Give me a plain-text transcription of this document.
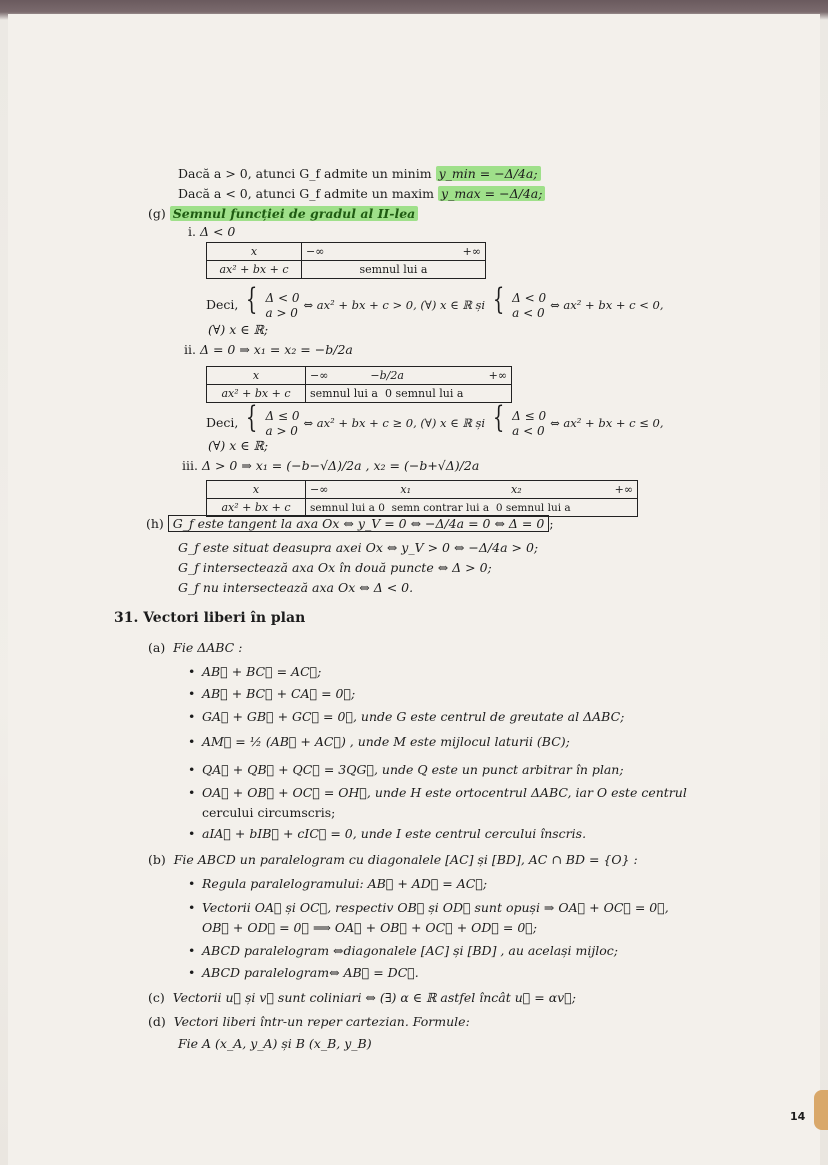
Dacă a > 0, atunci G_f admite un minim y_min = −Δ/4a;
Dacă a < 0, atunci G_f admite un maxim y_max = −Δ/4a;
(g) Semnul funcției de gradul al II-lea
i. Δ < 0
x	−∞ +∞

ax² + bx + c	semnul lui a
Deci, { Δ < 0
a > 0 ⇔ ax² + bx + c > 0, (∀) x ∈ ℝ și { Δ < 0
a < 0 ⇔ ax² + bx + c < 0,
(∀) x ∈ ℝ;
ii. Δ = 0 ⇒ x₁ = x₂ = −b/2a
x	−∞ −b/2a +∞

ax² + bx + c	semnul lui a 0 semnul lui a
Deci, { Δ ≤ 0
a > 0 ⇔ ax² + bx + c ≥ 0, (∀) x ∈ ℝ și { Δ ≤ 0
a < 0 ⇔ ax² + bx + c ≤ 0,
(∀) x ∈ ℝ;
iii. Δ > 0 ⇒ x₁ = (−b−√Δ)/2a , x₂ = (−b+√Δ)/2a
x	−∞ x₁ x₂ +∞

ax² + bx + c	semnul lui a 0 semn contrar lui a 0 semnul lui a
(h) G_f este tangent la axa Ox ⇔ y_V = 0 ⇔ −Δ/4a = 0 ⇔ Δ = 0 ;
G_f este situat deasupra axei Ox ⇔ y_V > 0 ⇔ −Δ/4a > 0;
G_f intersectează axa Ox în două puncte ⇔ Δ > 0;
G_f nu intersectează axa Ox ⇔ Δ < 0.
31. Vectori liberi în plan
(a) Fie ΔABC :
• AB⃗ + BC⃗ = AC⃗;
• AB⃗ + BC⃗ + CA⃗ = 0⃗;
• GA⃗ + GB⃗ + GC⃗ = 0⃗, unde G este centrul de greutate al ΔABC;
• AM⃗ = ½ (AB⃗ + AC⃗) , unde M este mijlocul laturii (BC);
• QA⃗ + QB⃗ + QC⃗ = 3QG⃗, unde Q este un punct arbitrar în plan;
• OA⃗ + OB⃗ + OC⃗ = OH⃗, unde H este ortocentrul ΔABC, iar O este centrul
cercului circumscris;
• aIA⃗ + bIB⃗ + cIC⃗ = 0, unde I este centrul cercului înscris.
(b) Fie ABCD un paralelogram cu diagonalele [AC] și [BD], AC ∩ BD = {O} :
• Regula paralelogramului: AB⃗ + AD⃗ = AC⃗;
• Vectorii OA⃗ și OC⃗, respectiv OB⃗ și OD⃗ sunt opuși ⇒ OA⃗ + OC⃗ = 0⃗,
OB⃗ + OD⃗ = 0⃗ ⟹ OA⃗ + OB⃗ + OC⃗ + OD⃗ = 0⃗;
• ABCD paralelogram ⇔diagonalele [AC] și [BD] , au același mijloc;
• ABCD paralelogram⇔ AB⃗ = DC⃗.
(c) Vectorii u⃗ și v⃗ sunt coliniari ⇔ (∃) α ∈ ℝ astfel încât u⃗ = αv⃗;
(d) Vectori liberi într-un reper cartezian. Formule:
Fie A (x_A, y_A) și B (x_B, y_B)
14
